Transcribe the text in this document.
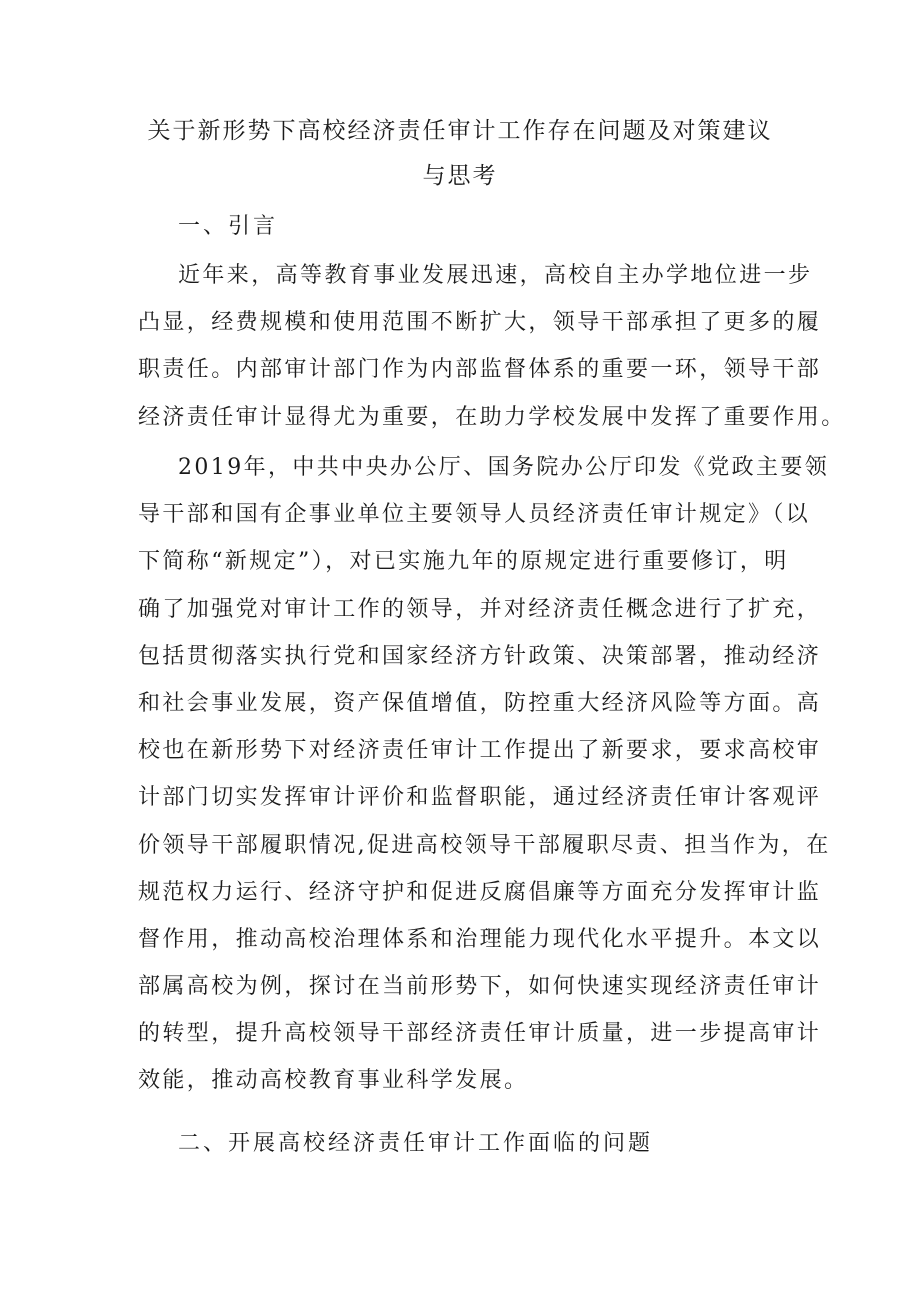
关于新形势下高校经济责任审计工作存在问题及对策建议
与思考
一、引言
近年来，高等教育事业发展迅速，高校自主办学地位进一步
凸显，经费规模和使用范围不断扩大，领导干部承担了更多的履
职责任。内部审计部门作为内部监督体系的重要一环，领导干部
经济责任审计显得尤为重要，在助力学校发展中发挥了重要作用。
2019年，中共中央办公厅、国务院办公厅印发《党政主要领
导干部和国有企事业单位主要领导人员经济责任审计规定》（以
下简称“新规定”），对已实施九年的原规定进行重要修订，明
确了加强党对审计工作的领导，并对经济责任概念进行了扩充，
包括贯彻落实执行党和国家经济方针政策、决策部署，推动经济
和社会事业发展，资产保值增值，防控重大经济风险等方面。高
校也在新形势下对经济责任审计工作提出了新要求，要求高校审
计部门切实发挥审计评价和监督职能，通过经济责任审计客观评
价领导干部履职情况,促进高校领导干部履职尽责、担当作为，在
规范权力运行、经济守护和促进反腐倡廉等方面充分发挥审计监
督作用，推动高校治理体系和治理能力现代化水平提升。本文以
部属高校为例，探讨在当前形势下，如何快速实现经济责任审计
的转型，提升高校领导干部经济责任审计质量，进一步提高审计
效能，推动高校教育事业科学发展。
二、开展高校经济责任审计工作面临的问题
